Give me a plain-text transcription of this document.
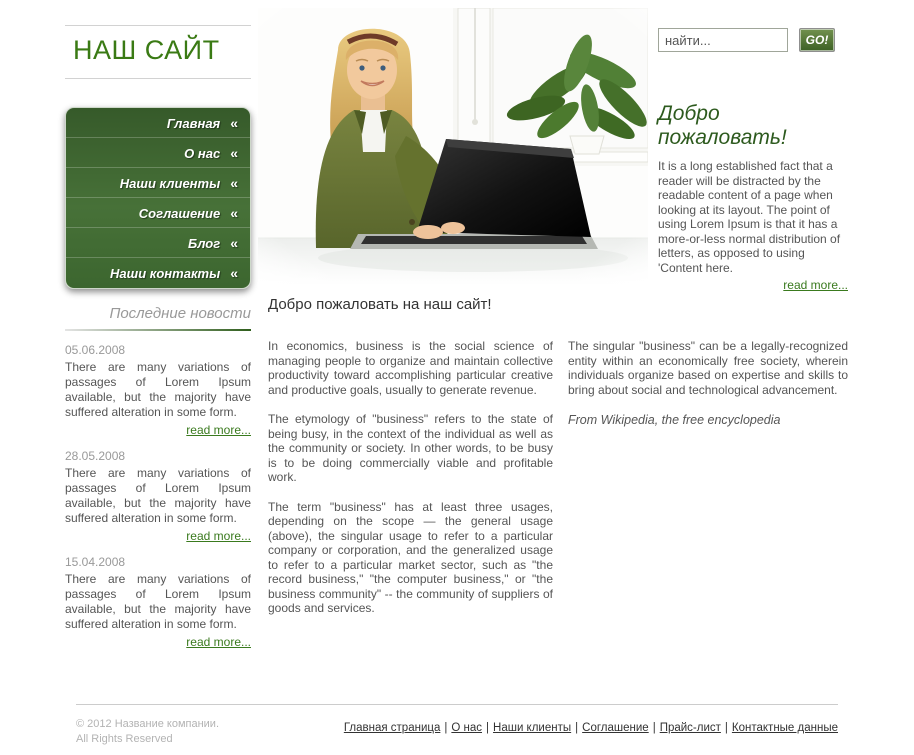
НАШ САЙТ
Главная «
О нас «
Наши клиенты «
Соглашение «
Блог «
Наши контакты «
Последние новости
05.06.2008
There are many variations of passages of Lorem Ipsum available, but the majority have suffered alteration in some form.
read more...
28.05.2008
There are many variations of passages of Lorem Ipsum available, but the majority have suffered alteration in some form.
read more...
15.04.2008
There are many variations of passages of Lorem Ipsum available, but the majority have suffered alteration in some form.
read more...
найти...
GO!
Добро пожаловать!
It is a long established fact that a reader will be distracted by the readable content of a page when looking at its layout. The point of using Lorem Ipsum is that it has a more-or-less normal distribution of letters, as opposed to using 'Content here.
read more...
Добро пожаловать на наш сайт!

In economics, business is the social science of managing people to organize and maintain collective productivity toward accomplishing particular creative and productive goals, usually to generate revenue.

The etymology of "business" refers to the state of being busy, in the context of the individual as well as the community or society. In other words, to be busy is to be doing commercially viable and profitable work.

The term "business" has at least three usages, depending on the scope — the general usage (above), the singular usage to refer to a particular company or corporation, and the generalized usage to refer to a particular market sector, such as "the record business," "the computer business," or "the business community" -- the community of suppliers of goods and services.

The singular "business" can be a legally-recognized entity within an economically free society, wherein individuals organize based on expertise and skills to bring about social and technological advancement.

From Wikipedia, the free encyclopedia
© 2012 Название компании.
All Rights Reserved
Главная страница | О нас | Наши клиенты | Соглашение | Прайс-лист | Контактные данные
